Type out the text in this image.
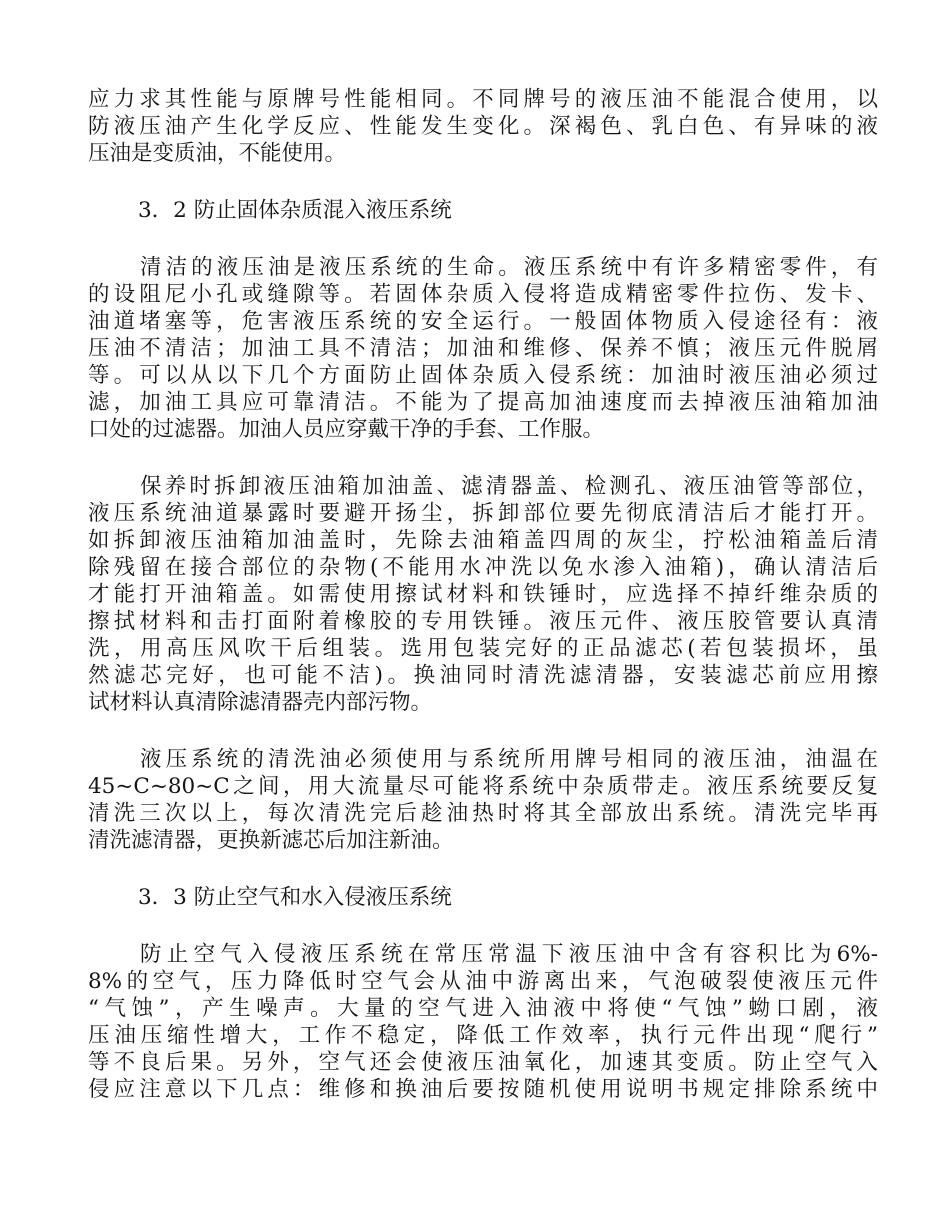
应力求其性能与原牌号性能相同。不同牌号的液压油不能混合使用，以
防液压油产生化学反应、性能发生变化。深褐色、乳白色、有异味的液
压油是变质油，不能使用。
3．2 防止固体杂质混入液压系统
清洁的液压油是液压系统的生命。液压系统中有许多精密零件，有
的设阻尼小孔或缝隙等。若固体杂质入侵将造成精密零件拉伤、发卡、
油道堵塞等，危害液压系统的安全运行。一般固体物质入侵途径有：液
压油不清洁；加油工具不清洁；加油和维修、保养不慎；液压元件脱屑
等。可以从以下几个方面防止固体杂质入侵系统：加油时液压油必须过
滤，加油工具应可靠清洁。不能为了提高加油速度而去掉液压油箱加油
口处的过滤器。加油人员应穿戴干净的手套、工作服。
保养时拆卸液压油箱加油盖、滤清器盖、检测孔、液压油管等部位，
液压系统油道暴露时要避开扬尘，拆卸部位要先彻底清洁后才能打开。
如拆卸液压油箱加油盖时，先除去油箱盖四周的灰尘，拧松油箱盖后清
除残留在接合部位的杂物(不能用水冲洗以免水渗入油箱)，确认清洁后
才能打开油箱盖。如需使用擦试材料和铁锤时，应选择不掉纤维杂质的
擦拭材料和击打面附着橡胶的专用铁锤。液压元件、液压胶管要认真清
洗，用高压风吹干后组装。选用包装完好的正品滤芯(若包装损坏，虽
然滤芯完好，也可能不洁)。换油同时清洗滤清器，安装滤芯前应用擦
试材料认真清除滤清器壳内部污物。
液压系统的清洗油必须使用与系统所用牌号相同的液压油，油温在
45~C~80~C之间，用大流量尽可能将系统中杂质带走。液压系统要反复
清洗三次以上，每次清洗完后趁油热时将其全部放出系统。清洗完毕再
清洗滤清器，更换新滤芯后加注新油。
3．3 防止空气和水入侵液压系统
防止空气入侵液压系统在常压常温下液压油中含有容积比为6%-
8%的空气，压力降低时空气会从油中游离出来，气泡破裂使液压元件
“气蚀”，产生噪声。大量的空气进入油液中将使“气蚀”蚴口剧，液
压油压缩性增大，工作不稳定，降低工作效率，执行元件出现“爬行”
等不良后果。另外，空气还会使液压油氧化，加速其变质。防止空气入
侵应注意以下几点：维修和换油后要按随机使用说明书规定排除系统中
